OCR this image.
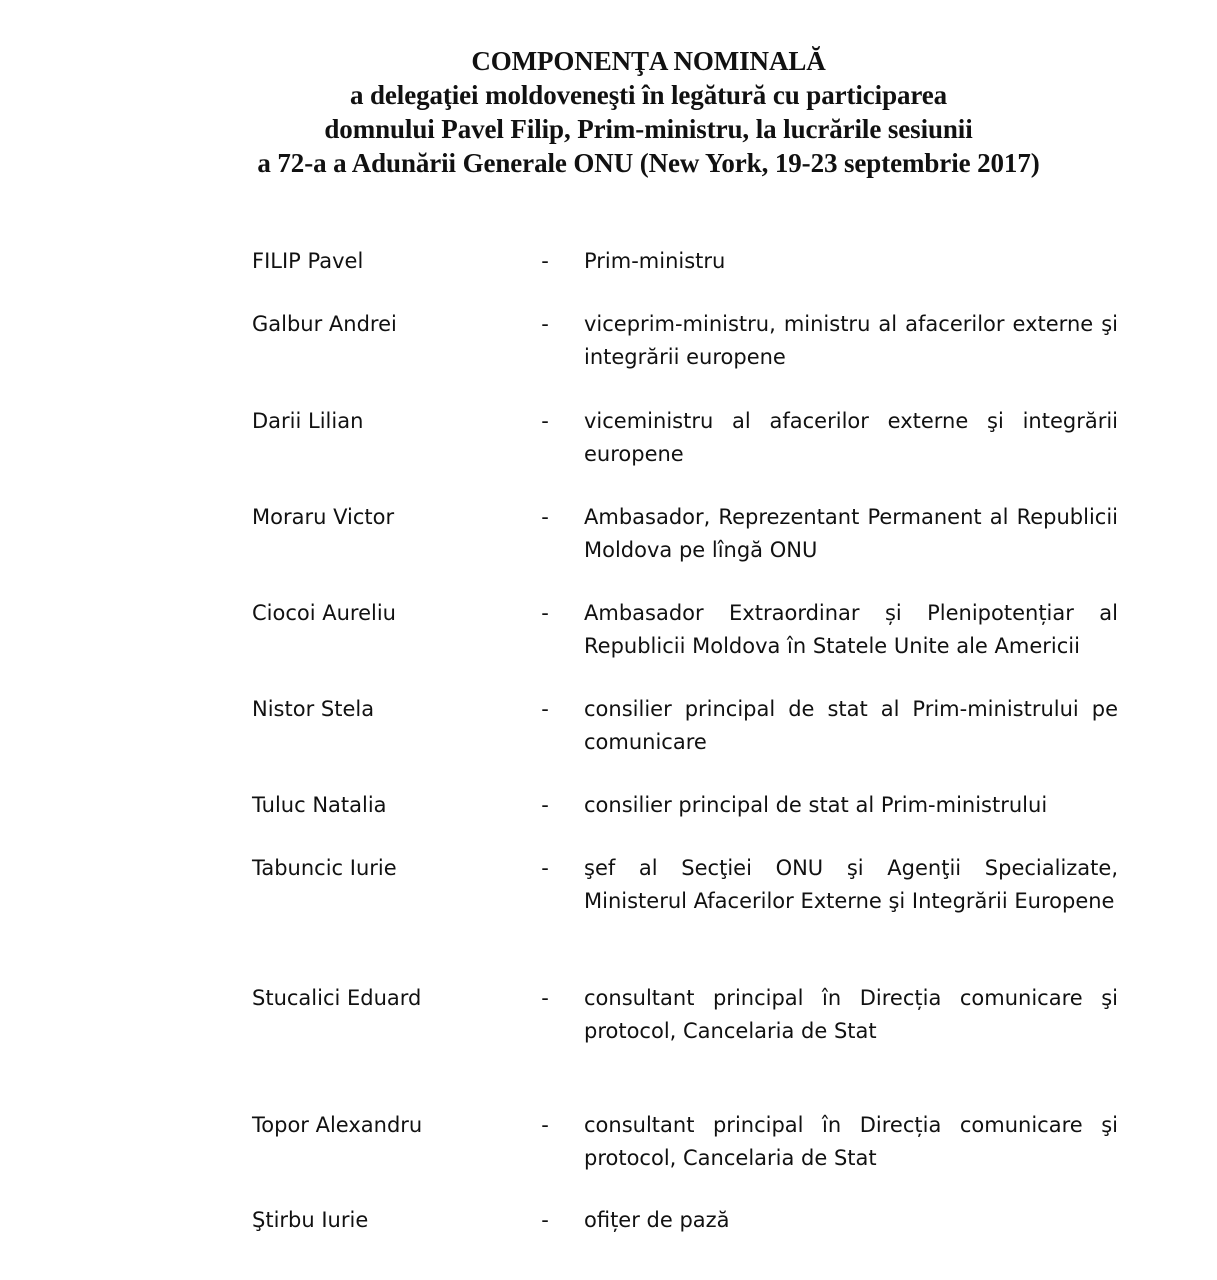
COMPONENŢA NOMINALĂ
a delegaţiei moldoveneşti în legătură cu participarea
domnului Pavel Filip, Prim-ministru, la lucrările sesiunii
a 72-a a Adunării Generale ONU (New York, 19-23 septembrie 2017)
FILIP Pavel	- Prim-ministru
Galbur Andrei	- viceprim-ministru, ministru al afacerilor externe şi integrării europene
Darii Lilian	- viceministru al afacerilor externe şi integrării europene
Moraru Victor	- Ambasador, Reprezentant Permanent al Republicii Moldova pe lîngă ONU
Ciocoi Aureliu	- Ambasador Extraordinar și Plenipotențiar al Republicii Moldova în Statele Unite ale Americii
Nistor Stela	- consilier principal de stat al Prim-ministrului pe comunicare
Tuluc Natalia	- consilier principal de stat al Prim-ministrului
Tabuncic Iurie	- şef al Secţiei ONU şi Agenţii Specializate, Ministerul Afacerilor Externe şi Integrării Europene
Stucalici Eduard	- consultant principal în Direcția comunicare şi protocol, Cancelaria de Stat
Topor Alexandru	- consultant principal în Direcția comunicare şi protocol, Cancelaria de Stat
Ştirbu Iurie	- ofițer de pază
